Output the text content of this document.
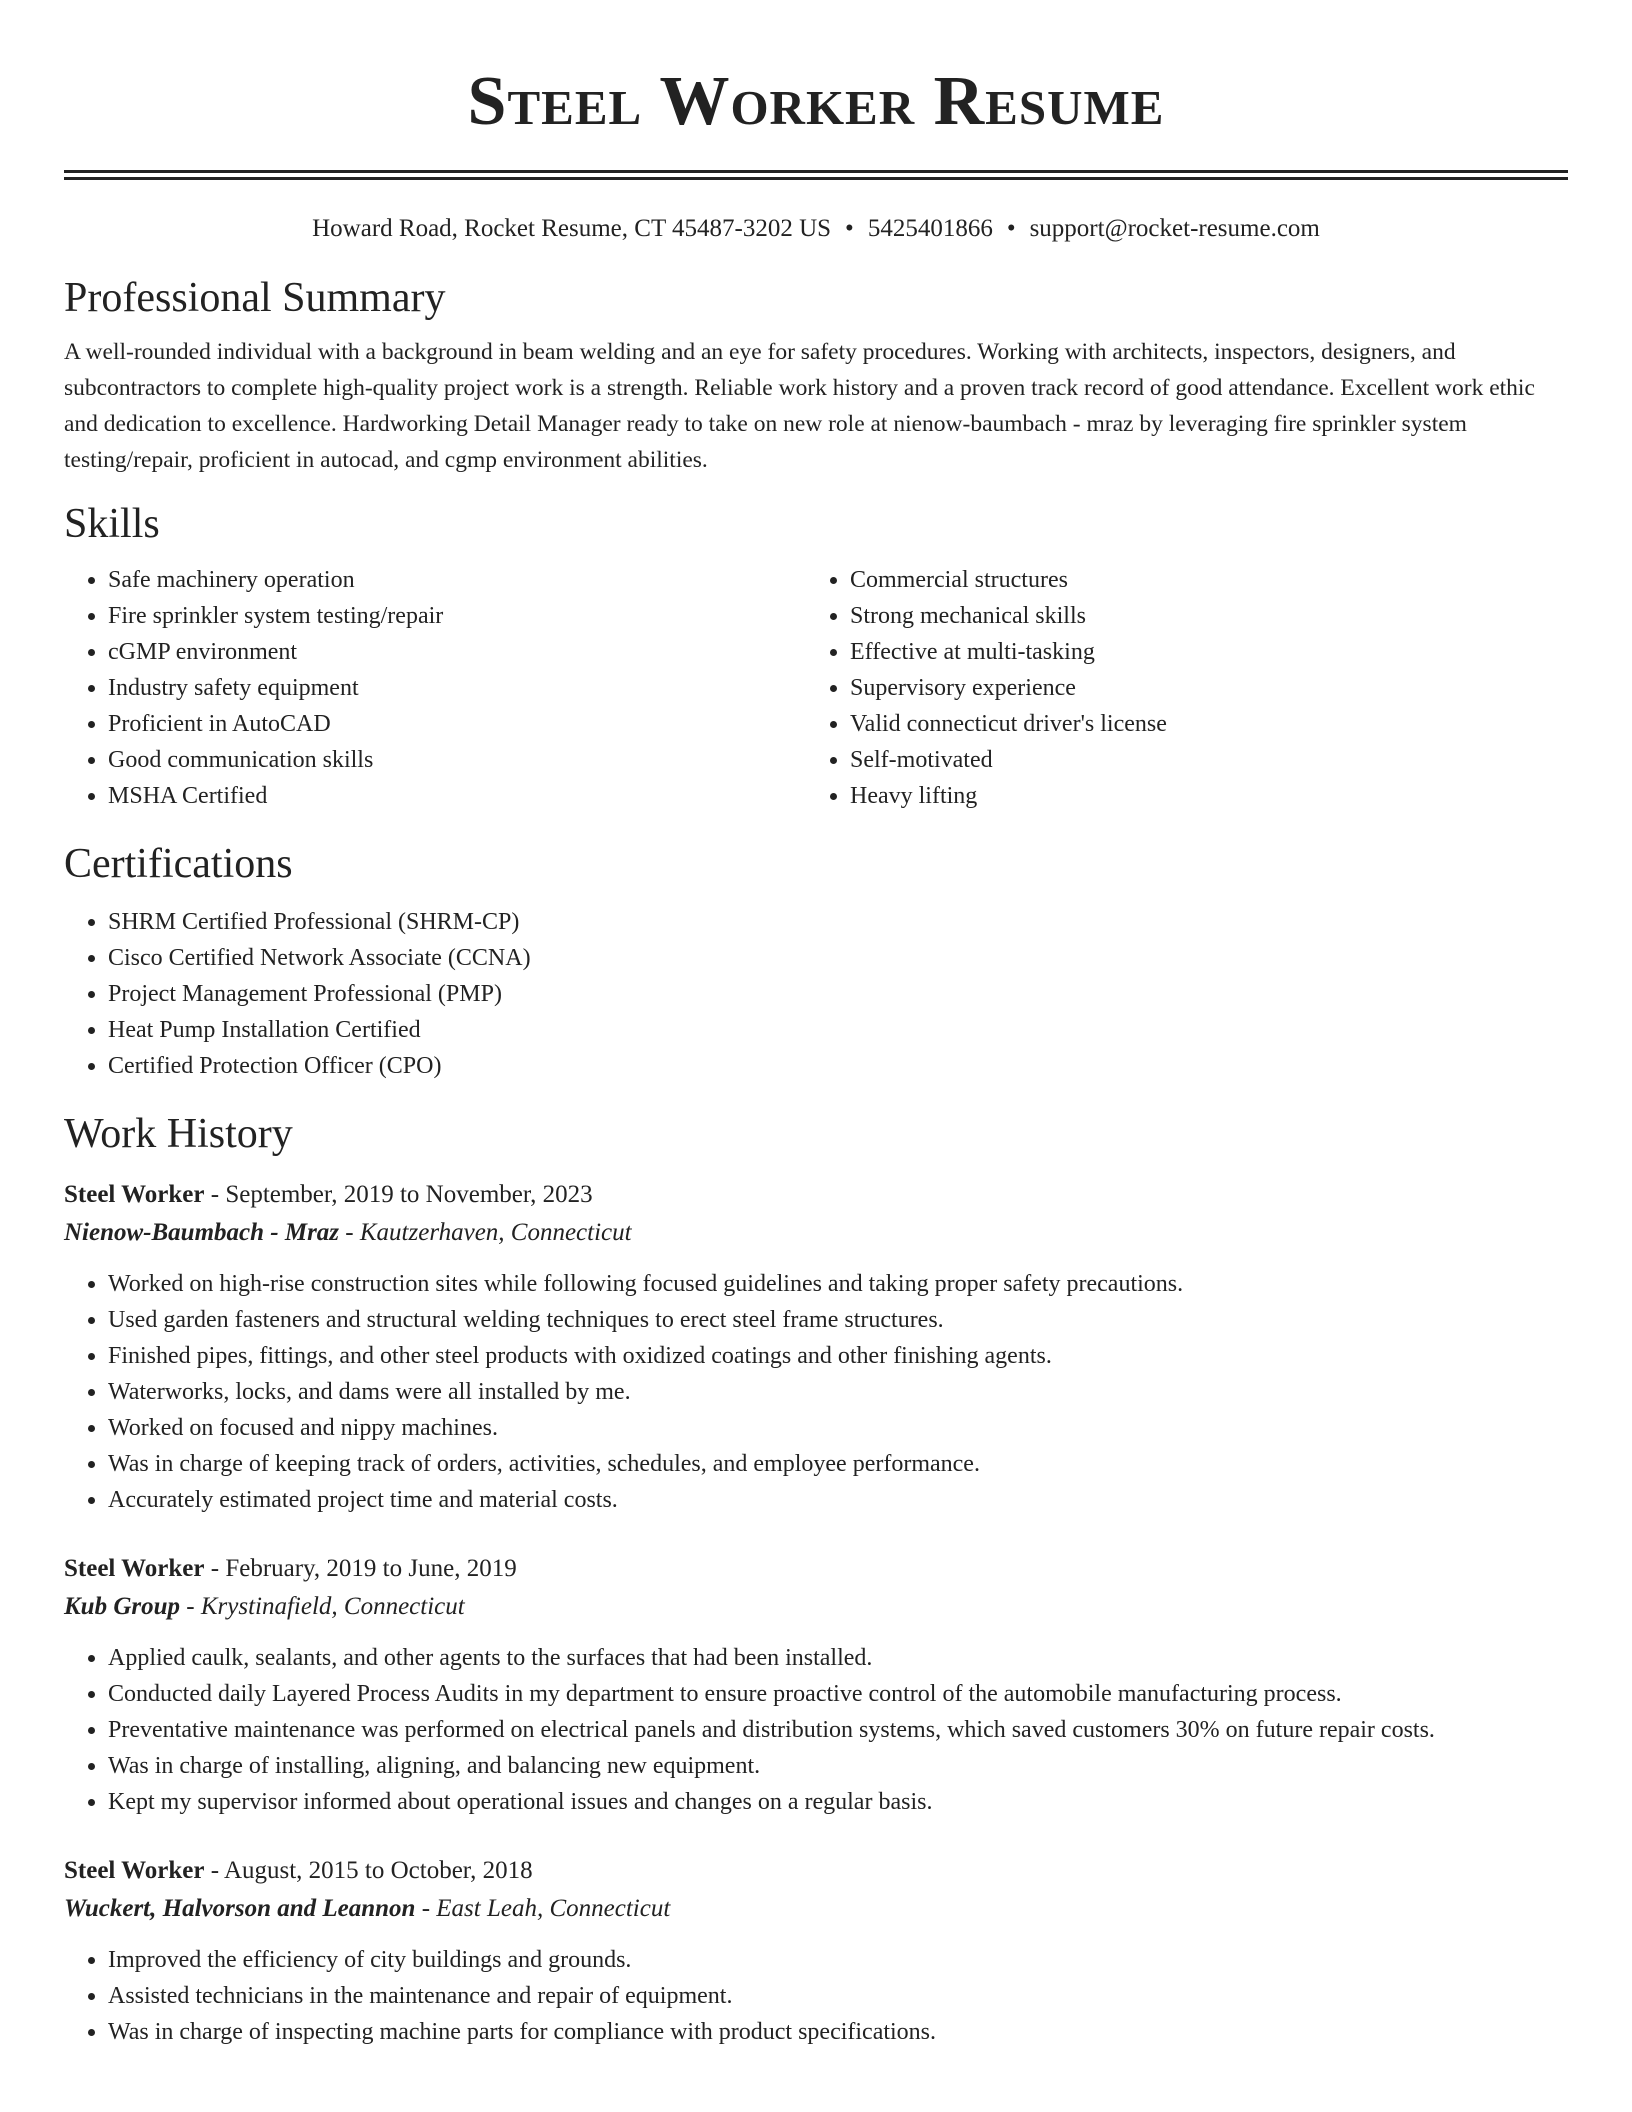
Steel Worker Resume
Howard Road, Rocket Resume, CT 45487-3202 US • 5425401866 • support@rocket-resume.com
Professional Summary

A well-rounded individual with a background in beam welding and an eye for safety procedures. Working with architects, inspectors, designers, and subcontractors to complete high-quality project work is a strength. Reliable work history and a proven track record of good attendance. Excellent work ethic and dedication to excellence. Hardworking Detail Manager ready to take on new role at nienow-baumbach - mraz by leveraging fire sprinkler system testing/repair, proficient in autocad, and cgmp environment abilities.

Skills
• Safe machinery operation
• Fire sprinkler system testing/repair
• cGMP environment
• Industry safety equipment
• Proficient in AutoCAD
• Good communication skills
• MSHA Certified
• Commercial structures
• Strong mechanical skills
• Effective at multi-tasking
• Supervisory experience
• Valid connecticut driver's license
• Self-motivated
• Heavy lifting
Certifications
• SHRM Certified Professional (SHRM-CP)
• Cisco Certified Network Associate (CCNA)
• Project Management Professional (PMP)
• Heat Pump Installation Certified
• Certified Protection Officer (CPO)
Work History
Steel Worker - September, 2019 to November, 2023
Nienow-Baumbach - Mraz - Kautzerhaven, Connecticut
• Worked on high-rise construction sites while following focused guidelines and taking proper safety precautions.
• Used garden fasteners and structural welding techniques to erect steel frame structures.
• Finished pipes, fittings, and other steel products with oxidized coatings and other finishing agents.
• Waterworks, locks, and dams were all installed by me.
• Worked on focused and nippy machines.
• Was in charge of keeping track of orders, activities, schedules, and employee performance.
• Accurately estimated project time and material costs.
Steel Worker - February, 2019 to June, 2019
Kub Group - Krystinafield, Connecticut
• Applied caulk, sealants, and other agents to the surfaces that had been installed.
• Conducted daily Layered Process Audits in my department to ensure proactive control of the automobile manufacturing process.
• Preventative maintenance was performed on electrical panels and distribution systems, which saved customers 30% on future repair costs.
• Was in charge of installing, aligning, and balancing new equipment.
• Kept my supervisor informed about operational issues and changes on a regular basis.
Steel Worker - August, 2015 to October, 2018
Wuckert, Halvorson and Leannon - East Leah, Connecticut
• Improved the efficiency of city buildings and grounds.
• Assisted technicians in the maintenance and repair of equipment.
• Was in charge of inspecting machine parts for compliance with product specifications.
